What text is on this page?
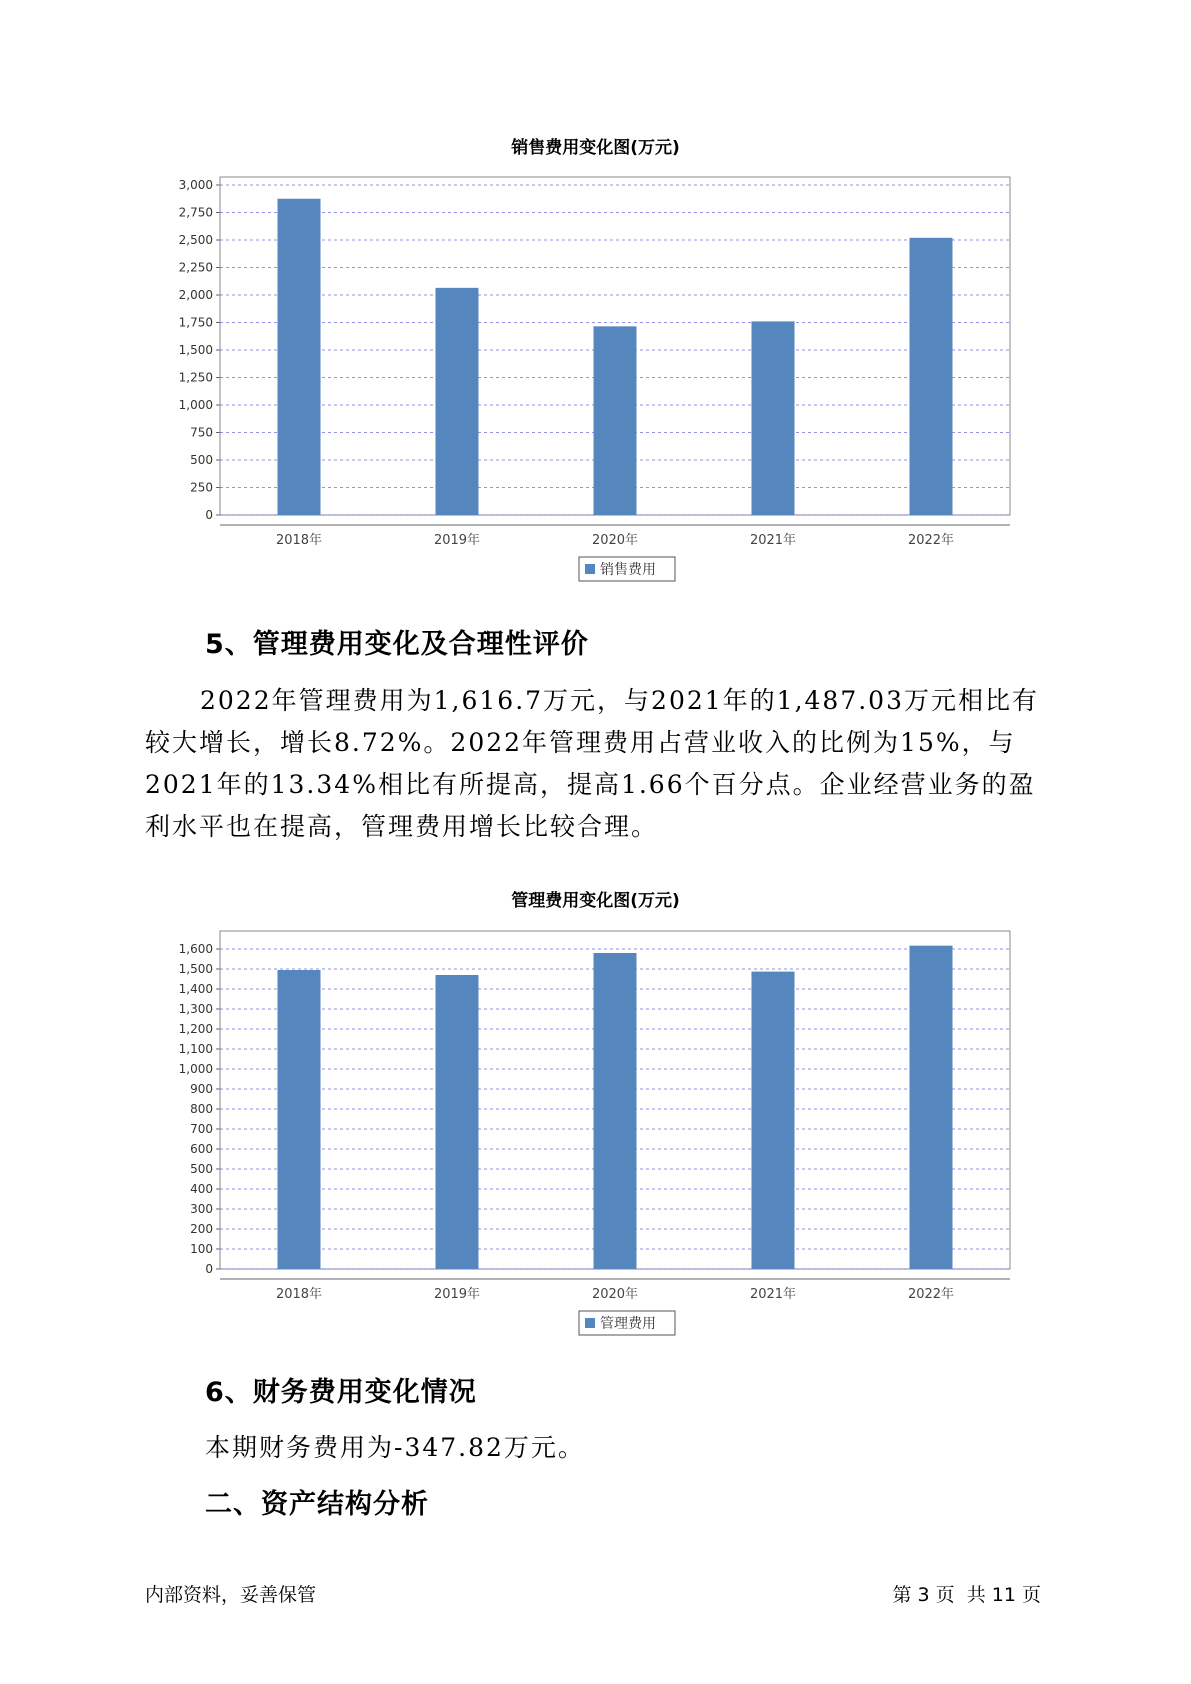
销售费用变化图(万元)
0
250
500
750
1,000
1,250
1,500
1,750
2,000
2,250
2,500
2,750
3,000
2018年	2019年	2020年	2021年	2022年
销售费用
5、管理费用变化及合理性评价

2022年管理费用为1,616.7万元，与2021年的1,487.03万元相比有较大增长，增长8.72%。2022年管理费用占营业收入的比例为15%，与2021年的13.34%相比有所提高，提高1.66个百分点。企业经营业务的盈利水平也在提高，管理费用增长比较合理。

管理费用变化图(万元)
0
100
200
300
400
500
600
700
800
900
1,000
1,100
1,200
1,300
1,400
1,500
1,600
2018年	2019年	2020年	2021年	2022年
管理费用
6、财务费用变化情况
本期财务费用为-347.82万元。
二、资产结构分析
内部资料，妥善保管	第 3 页  共 11 页
